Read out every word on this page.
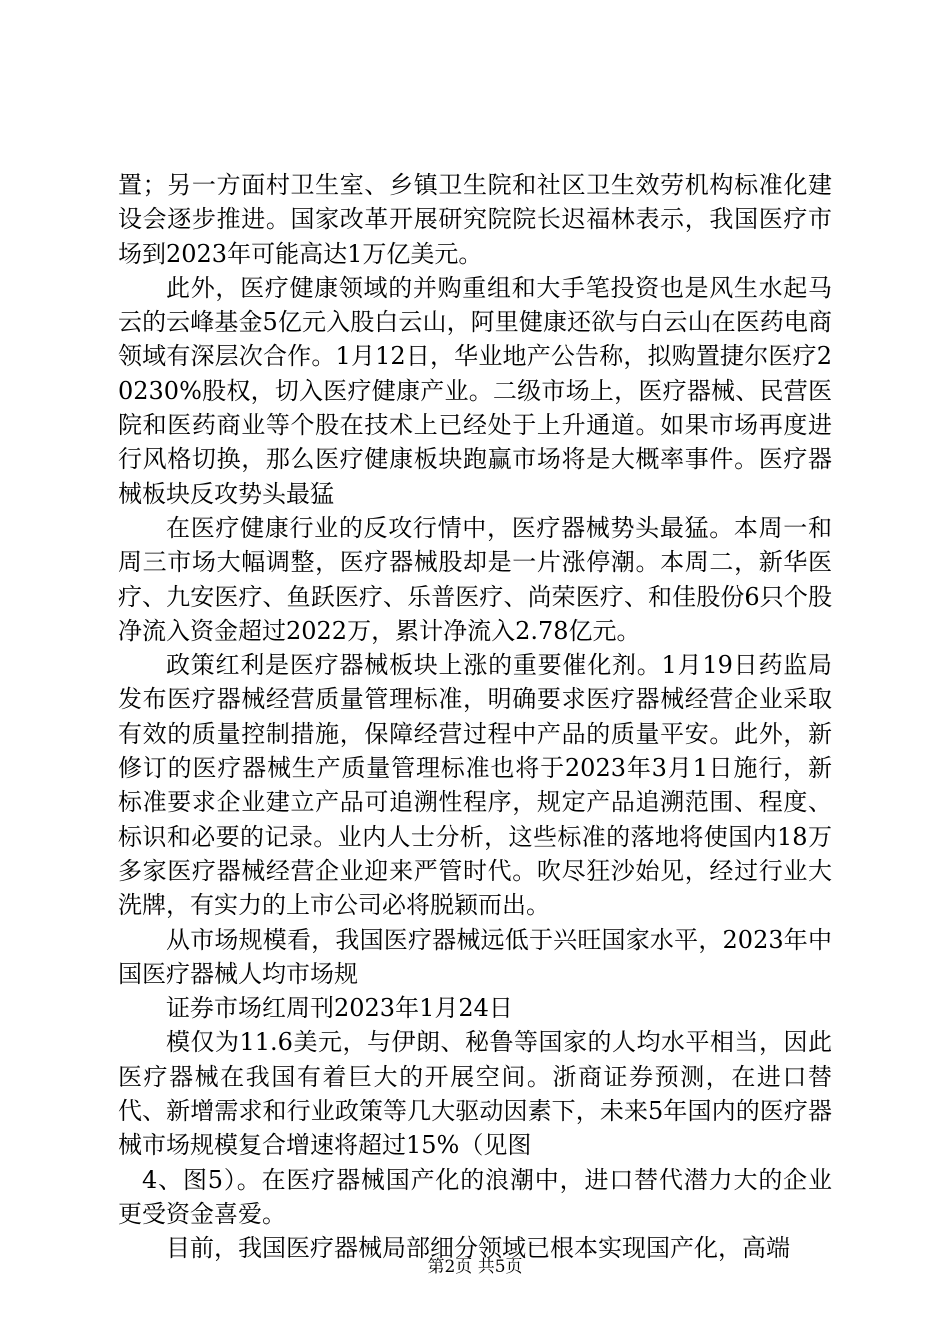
置；另一方面村卫生室、乡镇卫生院和社区卫生效劳机构标准化建设会逐步推进。国家改革开展研究院院长迟福林表示，我国医疗市场到2023年可能高达1万亿美元。

此外，医疗健康领域的并购重组和大手笔投资也是风生水起马云的云峰基金5亿元入股白云山，阿里健康还欲与白云山在医药电商领域有深层次合作。1月12日，华业地产公告称，拟购置捷尔医疗20230%股权，切入医疗健康产业。二级市场上，医疗器械、民营医院和医药商业等个股在技术上已经处于上升通道。如果市场再度进行风格切换，那么医疗健康板块跑赢市场将是大概率事件。医疗器械板块反攻势头最猛

在医疗健康行业的反攻行情中，医疗器械势头最猛。本周一和周三市场大幅调整，医疗器械股却是一片涨停潮。本周二，新华医疗、九安医疗、鱼跃医疗、乐普医疗、尚荣医疗、和佳股份6只个股净流入资金超过2022万，累计净流入2.78亿元。

政策红利是医疗器械板块上涨的重要催化剂。1月19日药监局发布医疗器械经营质量管理标准，明确要求医疗器械经营企业采取有效的质量控制措施，保障经营过程中产品的质量平安。此外，新修订的医疗器械生产质量管理标准也将于2023年3月1日施行，新标准要求企业建立产品可追溯性程序，规定产品追溯范围、程度、标识和必要的记录。业内人士分析，这些标准的落地将使国内18万多家医疗器械经营企业迎来严管时代。吹尽狂沙始见，经过行业大洗牌，有实力的上市公司必将脱颖而出。

从市场规模看，我国医疗器械远低于兴旺国家水平，2023年中国医疗器械人均市场规

证券市场红周刊2023年1月24日

模仅为11.6美元，与伊朗、秘鲁等国家的人均水平相当，因此医疗器械在我国有着巨大的开展空间。浙商证券预测，在进口替代、新增需求和行业政策等几大驱动因素下，未来5年国内的医疗器械市场规模复合增速将超过15%（见图

4、图5）。在医疗器械国产化的浪潮中，进口替代潜力大的企业更受资金喜爱。

目前，我国医疗器械局部细分领域已根本实现国产化，高端

第2页 共5页
